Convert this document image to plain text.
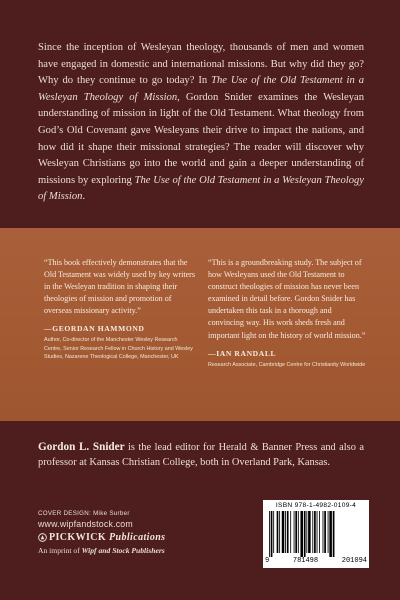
Since the inception of Wesleyan theology, thousands of men and women have engaged in domestic and international missions. But why did they go? Why do they continue to go today? In The Use of the Old Testament in a Wesleyan Theology of Mission, Gordon Snider examines the Wesleyan understanding of mission in light of the Old Testament. What theology from God’s Old Covenant gave Wesleyans their drive to impact the nations, and how did it shape their missional strategies? The reader will discover why Wesleyan Christians go into the world and gain a deeper understanding of missions by exploring The Use of the Old Testament in a Wesleyan Theology of Mission.

“This book effectively demonstrates that the Old Testament was widely used by key writers in the Wesleyan tradition in shaping their theologies of mission and promotion of overseas missionary activity.”

—GEORDAN HAMMOND
Author, Co-director of the Manchester Wesley Research Centre, Senior Research Fellow in Church History and Wesley Studies, Nazarene Theological College, Manchester, UK

“This is a groundbreaking study. The subject of how Wesleyans used the Old Testament to construct theologies of mission has never been examined in detail before. Gordon Snider has undertaken this task in a thorough and convincing way. His work sheds fresh and important light on the history of world mission.”

—IAN RANDALL
Research Associate, Cambridge Centre for Christianity Worldwide

Gordon L. Snider is the lead editor for Herald & Banner Press and also a professor at Kansas Christian College, both in Overland Park, Kansas.

COVER DESIGN: Mike Surber
www.wipfandstock.com
PICKWICK Publications
An imprint of Wipf and Stock Publishers
ISBN 978-1-4982-0109-4
9	781498	201094
